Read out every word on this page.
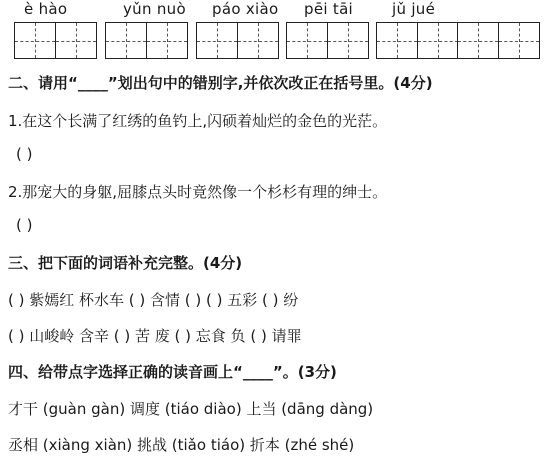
è hào	yǔn nuò páo xiào pēi tāi	jǔ jué
二、请用“____”划出句中的错别字,并依次改正在括号里。(4分)
1.在这个长满了红绣的鱼钓上,闪硕着灿烂的金色的光茫。
( )
2.那宠大的身躯,屈膝点头时竟然像一个杉杉有理的绅士。
( )
三、把下面的词语补充完整。(4分)
( ) 紫嫣红 杯水车 ( ) 含情 ( ) ( ) 五彩 ( ) 纷
( ) 山峻岭 含辛 ( ) 苦 废 ( ) 忘食 负 ( ) 请罪
四、给带点字选择正确的读音画上“____”。(3分)
才干 (guàn gàn) 调度 (tiáo diào) 上当 (dāng dàng)
丞相 (xiàng xiàn) 挑战 (tiǎo tiáo) 折本 (zhé shé)
